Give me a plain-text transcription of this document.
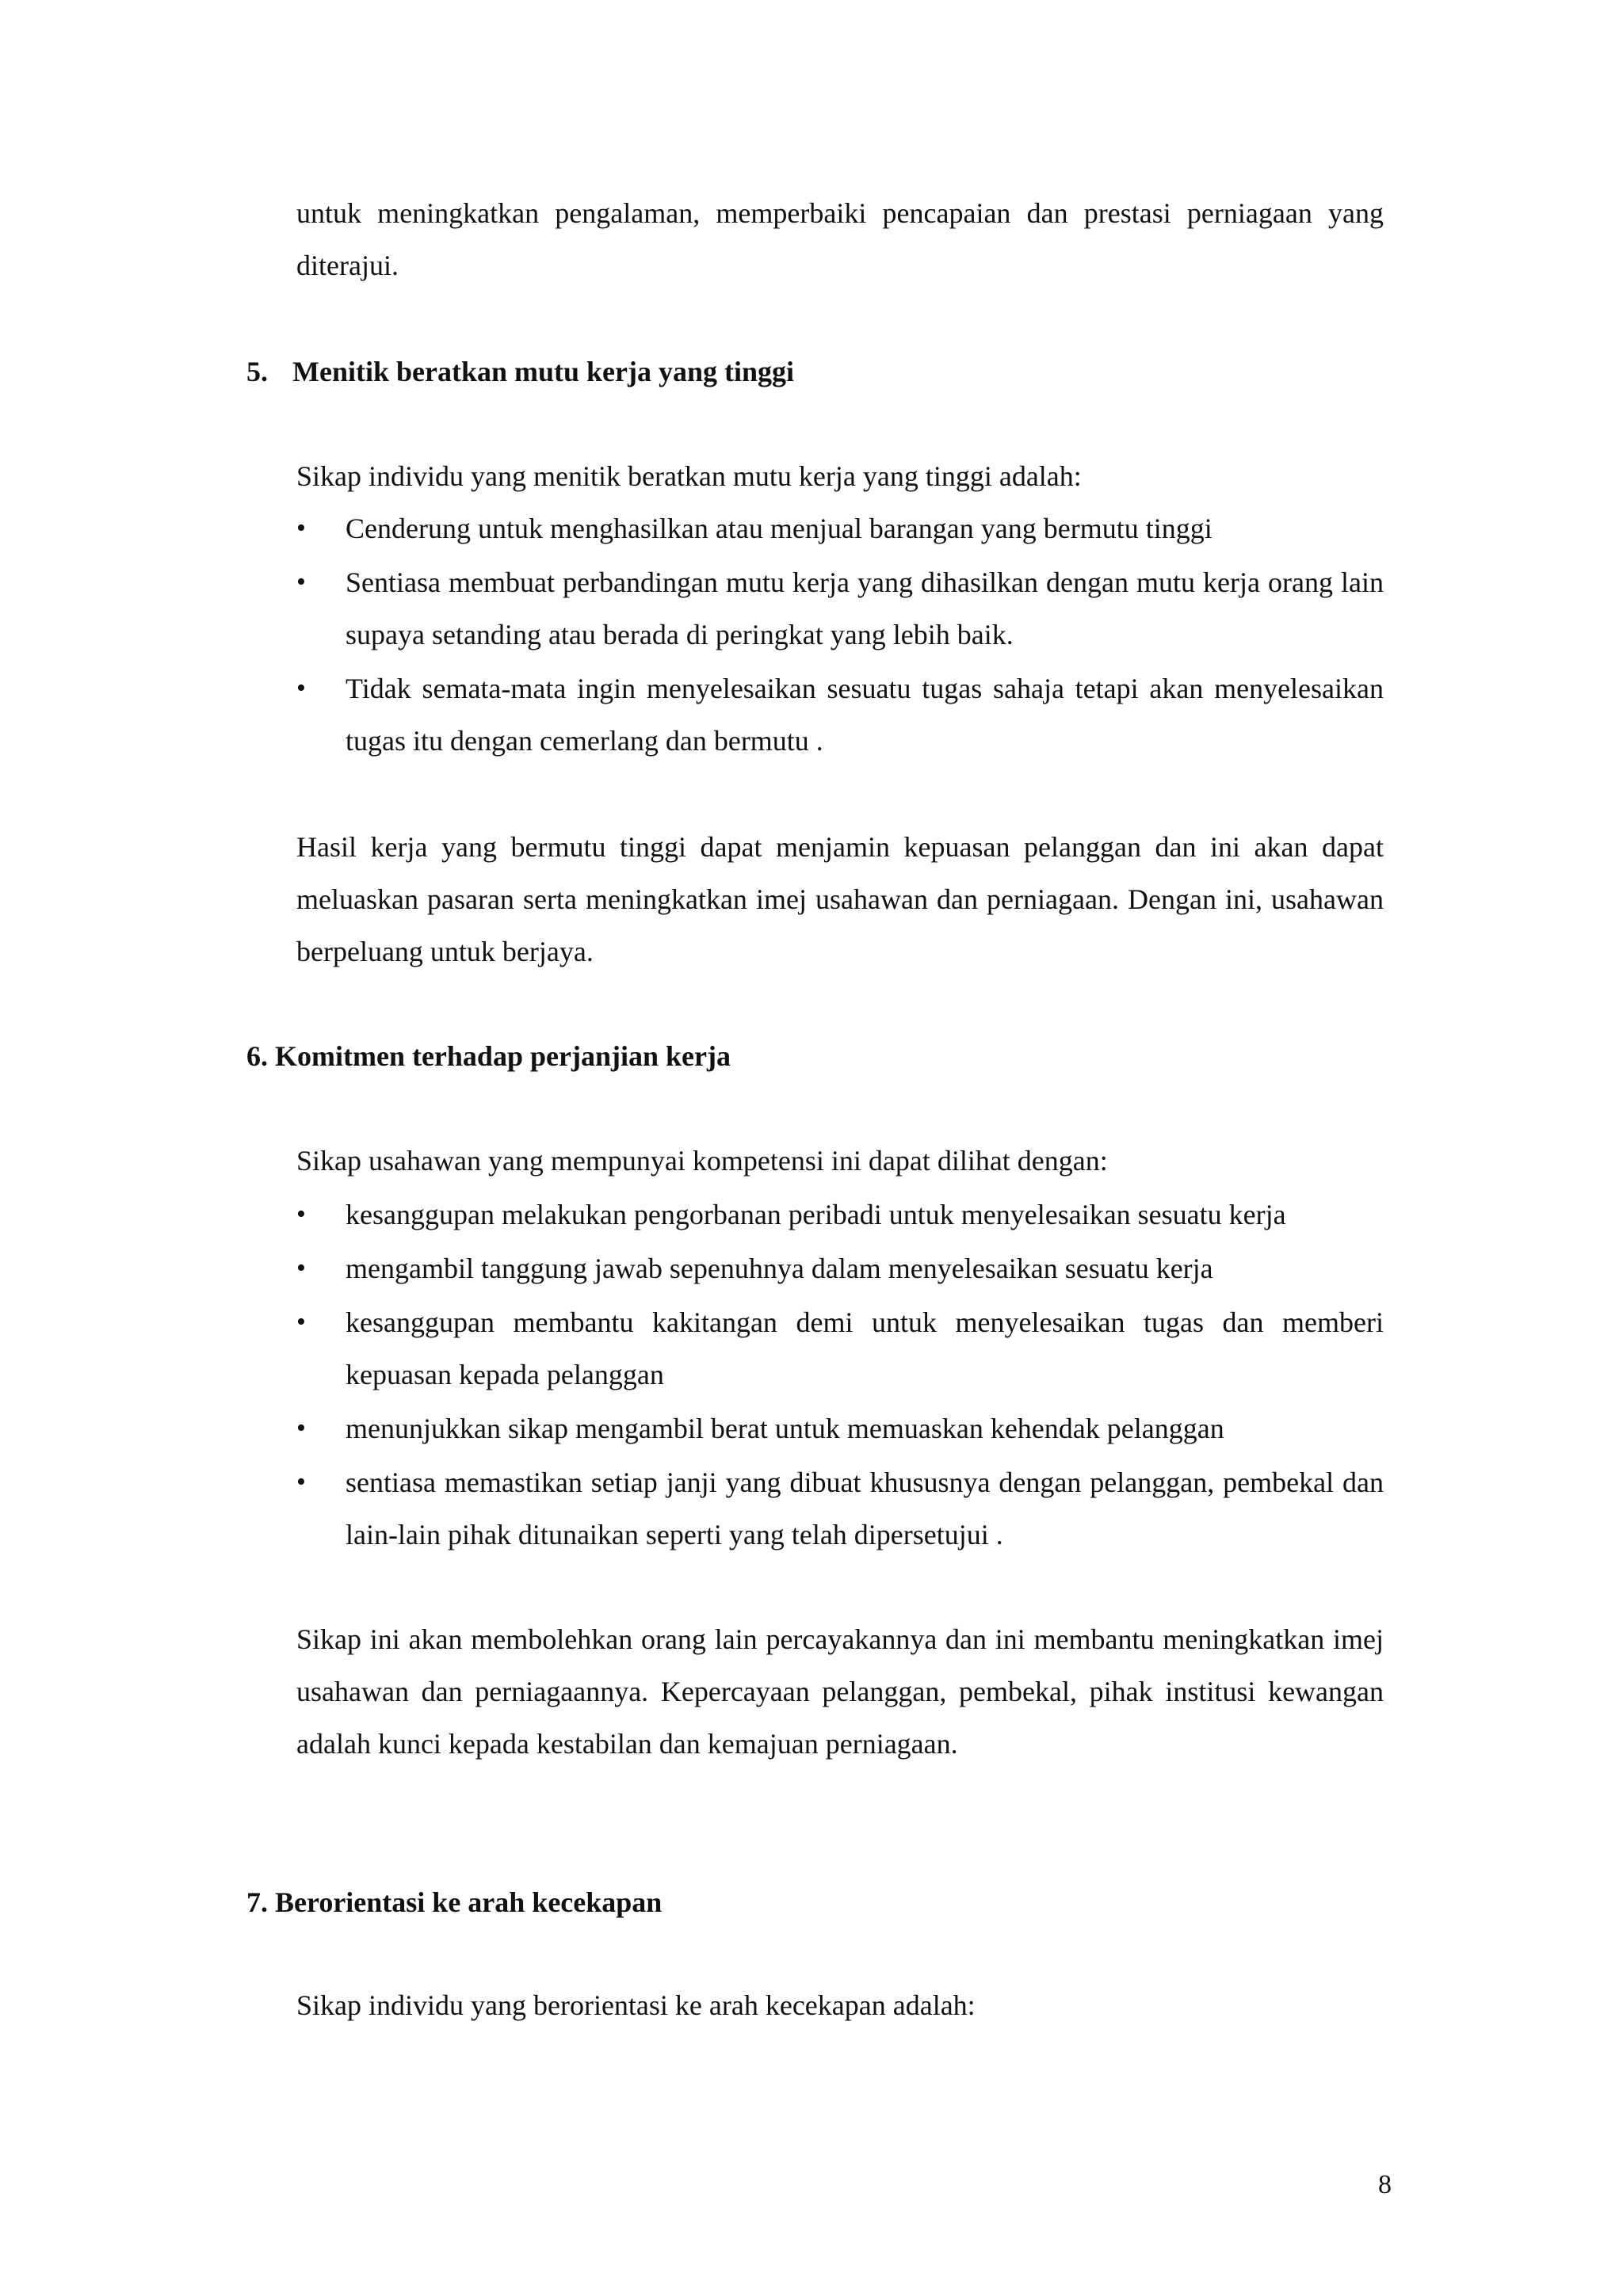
untuk meningkatkan pengalaman, memperbaiki pencapaian dan prestasi perniagaan yang diterajui.

5. Menitik beratkan mutu kerja yang tinggi

Sikap individu yang menitik beratkan mutu kerja yang tinggi adalah:

• Cenderung untuk menghasilkan atau menjual barangan yang bermutu tinggi
• Sentiasa membuat perbandingan mutu kerja yang dihasilkan dengan mutu kerja orang lain supaya setanding atau berada di peringkat yang lebih baik.
• Tidak semata-mata ingin menyelesaikan sesuatu tugas sahaja tetapi akan menyelesaikan tugas itu dengan cemerlang dan bermutu .

Hasil kerja yang bermutu tinggi dapat menjamin kepuasan pelanggan dan ini akan dapat meluaskan pasaran serta meningkatkan imej usahawan dan perniagaan. Dengan ini, usahawan berpeluang untuk berjaya.

6. Komitmen terhadap perjanjian kerja

Sikap usahawan yang mempunyai kompetensi ini dapat dilihat dengan:

• kesanggupan melakukan pengorbanan peribadi untuk menyelesaikan sesuatu kerja
• mengambil tanggung jawab sepenuhnya dalam menyelesaikan sesuatu kerja
• kesanggupan membantu kakitangan demi untuk menyelesaikan tugas dan memberi kepuasan kepada pelanggan
• menunjukkan sikap mengambil berat untuk memuaskan kehendak pelanggan
• sentiasa memastikan setiap janji yang dibuat khususnya dengan pelanggan, pembekal dan lain-lain pihak ditunaikan seperti yang telah dipersetujui .

Sikap ini akan membolehkan orang lain percayakannya dan ini membantu meningkatkan imej usahawan dan perniagaannya. Kepercayaan pelanggan, pembekal, pihak institusi kewangan adalah kunci kepada kestabilan dan kemajuan perniagaan.

7. Berorientasi ke arah kecekapan

Sikap individu yang berorientasi ke arah kecekapan adalah:

8
